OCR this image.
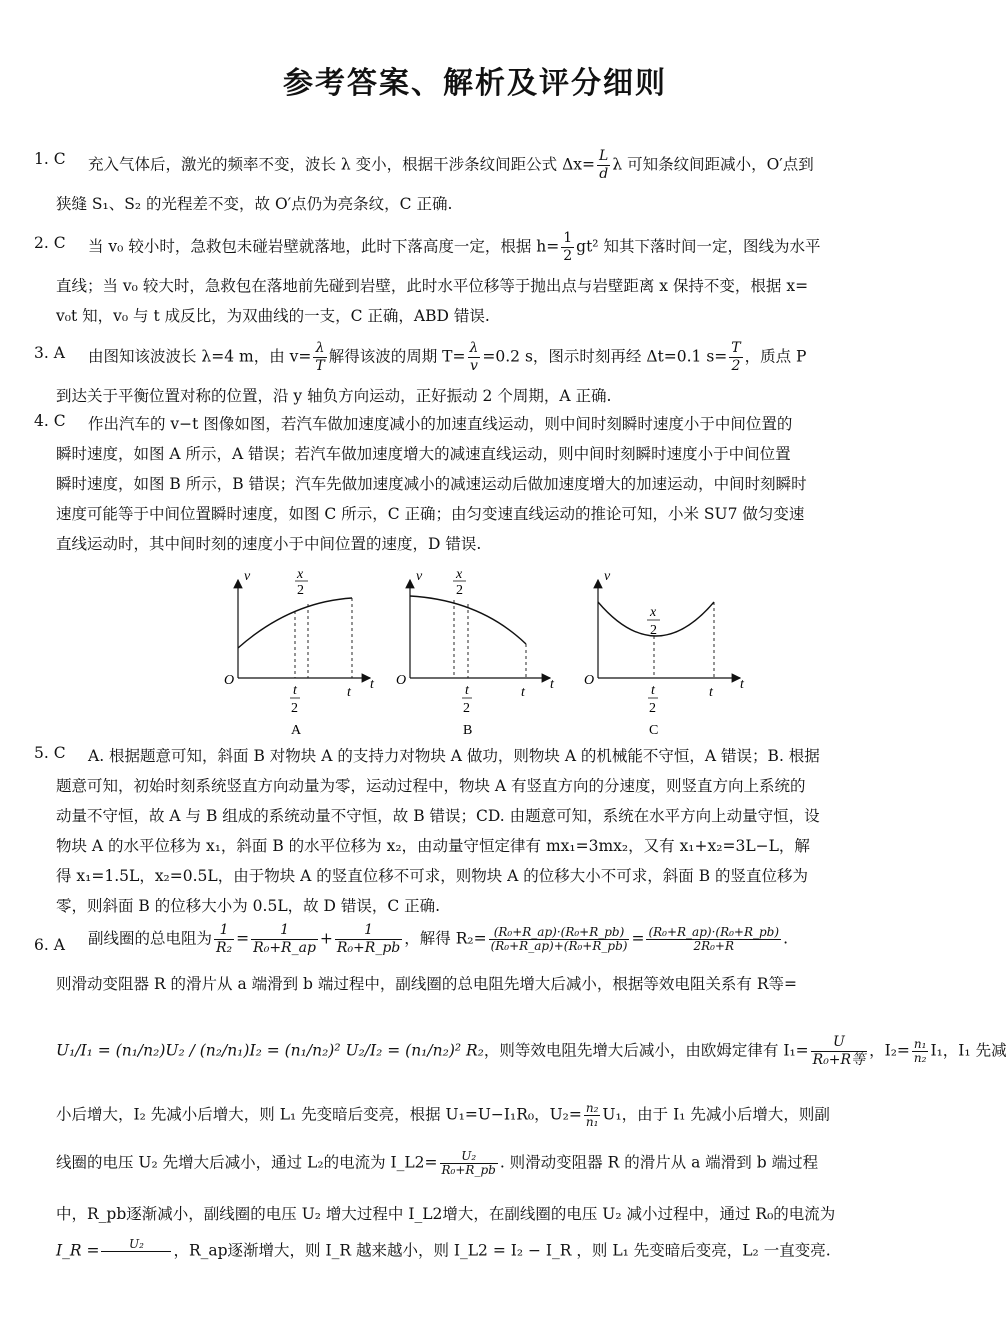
参考答案、解析及评分细则
1. C 充入气体后，激光的频率不变，波长 λ 变小，根据干涉条纹间距公式 $\Delta x= \frac{L}{d}$ λ 可知条纹间距减小，O′点到
狭缝 S₁、S₂ 的光程差不变，故 O′点仍为亮条纹，C 正确.
2. C 当 v₀ 较小时，急救包未碰岩壁就落地，此时下落高度一定，根据 $h= \frac{1}{2} gt^2$ 知其下落时间一定，图线为水平
直线；当 v₀ 较大时，急救包在落地前先碰到岩壁，此时水平位移等于抛出点与岩壁距离 x 保持不变，根据 x=
v₀t 知，v₀ 与 t 成反比，为双曲线的一支，C 正确，ABD 错误.
3. A 由图知该波波长 λ=4 m，由 $v= \frac{\lambda}{T}$ 解得该波的周期 $T= \frac{\lambda}{v} =0.2$ s，图示时刻再经 Δt=0.1 $s= \frac{T}{2}$ ，质点 P
到达关于平衡位置对称的位置，沿 y 轴负方向运动，正好振动 2 个周期，A 正确.
4. C 作出汽车的 v−t 图像如图，若汽车做加速度减小的加速直线运动，则中间时刻瞬时速度小于中间位置的
瞬时速度，如图 A 所示，A 错误；若汽车做加速度增大的减速直线运动，则中间时刻瞬时速度小于中间位置
瞬时速度，如图 B 所示，B 错误；汽车先做加速度减小的减速运动后做加速度增大的加速运动，中间时刻瞬时
速度可能等于中间位置瞬时速度，如图 C 所示，C 正确；由匀变速直线运动的推论可知，小米 SU7 做匀变速
直线运动时，其中间时刻的速度小于中间位置的速度，D 错误.
v
t
O
x
2
t
2
t
A
v
t
O
x
2
t
2
t
B
v
t
O
x
2
t
2
t
C
5. C A. 根据题意可知，斜面 B 对物块 A 的支持力对物块 A 做功，则物块 A 的机械能不守恒，A 错误；B. 根据
题意可知，初始时刻系统竖直方向动量为零，运动过程中，物块 A 有竖直方向的分速度，则竖直方向上系统的
动量不守恒，故 A 与 B 组成的系统动量不守恒，故 B 错误；CD. 由题意可知，系统在水平方向上动量守恒，设
物块 A 的水平位移为 x₁，斜面 B 的水平位移为 x₂，由动量守恒定律有 mx₁=3mx₂，又有 x₁+x₂=3L−L，解
得 x₁=1.5L，x₂=0.5L，由于物块 A 的竖直位移不可求，则物块 A 的位移大小不可求，斜面 B 的竖直位移为
零，则斜面 B 的位移大小为 0.5L，故 D 错误，C 正确.
6. A 副线圈的总电阻为 $\frac{1}{\text{R₂}} = \frac{1}{\text{R₀+R\_ap}} + \frac{1}{\text{R₀+R\_pb}}$ ，解得 $R_2= \frac{\text{(R₀+R\_ap)·(R₀+R\_pb)}}{\text{(R₀+R\_ap)+(R₀+R\_pb)}} = \frac{\text{(R₀+R\_ap)·(R₀+R\_pb)}}{\text{2R₀+R}}$ .
则滑动变阻器 R 的滑片从 a 端滑到 b 端过程中，副线圈的总电阻先增大后减小，根据等效电阻关系有 R等=
U₁/I₁ = (n₁/n₂)U₂ / (n₂/n₁)I₂ = (n₁/n₂)² U₂/I₂ = (n₁/n₂)² R₂，则等效电阻先增大后减小，由欧姆定律有 $I_1= \frac{U}{\text{R₀+R等}}$ ，$I_2= \frac{\text{n₁}}{\text{n₂}} I_1$，I₁ 先减
小后增大，I₂ 先减小后增大，则 L₁ 先变暗后变亮，根据 U₁=U−I₁R₀，$U_2= \frac{\text{n₂}}{\text{n₁}} U_1$，由于 I₁ 先减小后增大，则副
线圈的电压 U₂ 先增大后减小，通过 L₂的电流为 I_L2= $\frac{\text{U₂}}{\text{R₀+R\_pb}}$ . 则滑动变阻器 R 的滑片从 a 端滑到 b 端过程
中，R_pb逐渐减小，副线圈的电压 U₂ 增大过程中 I_L2增大，在副线圈的电压 U₂ 减小过程中，通过 R₀的电流为
I_R =	U₂
	，R_ap逐渐增大，则 I_R 越来越小，则 I_L2 = I₂ − I_R ，则 L₁ 先变暗后变亮，L₂ 一直变亮.
